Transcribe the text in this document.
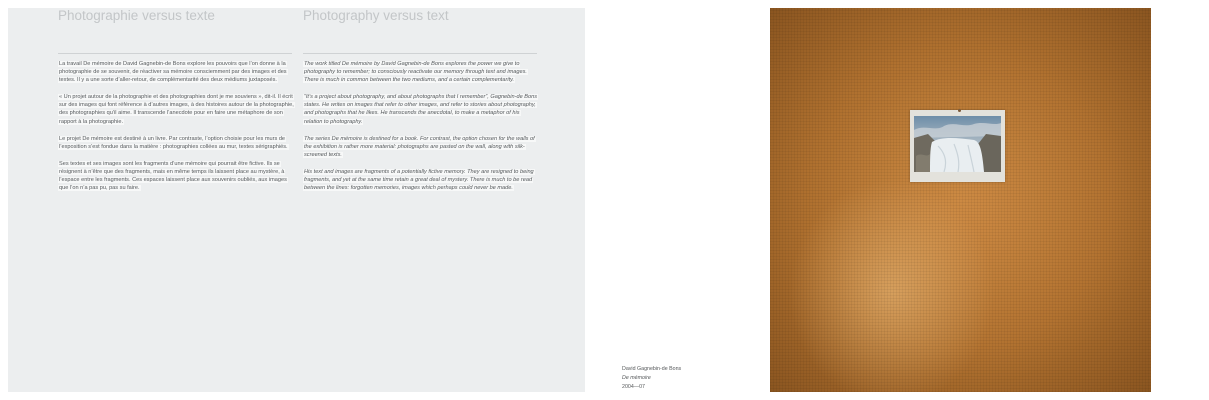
Photographie versus texte	Photography versus text

La travail De mémoire de David Gagnebin-de Bons explore les pouvoirs que l’on donne à la photographie de se souvenir, de réactiver sa mémoire consciemment par des images et des textes. Il y a une sorte d’aller-retour, de complémentarité des deux médiums juxtaposés.

« Un projet autour de la photographie et des photographies dont je me souviens », dit-il. Il écrit sur des images qui font référence à d’autres images, à des histoires autour de la photographie, des photographies qu’il aime. Il transcende l’anecdote pour en faire une métaphore de son rapport à la photographie.

Le projet De mémoire est destiné à un livre. Par contraste, l’option choisie pour les murs de l’exposition s’est fondue dans la matière : photographies collées au mur, textes sérigraphiés.

Ses textes et ses images sont les fragments d’une mémoire qui pourrait être fictive. Ils se résignent à n’être que des fragments, mais en même temps ils laissent place au mystère, à l’espace entre les fragments. Ces espaces laissent place aux souvenirs oubliés, aux images que l’on n’a pas pu, pas su faire.

The work titled De mémoire by David Gagnebin-de Bons explores the power we give to photography to remember; to consciously reactivate our memory through text and images. There is much in common between the two mediums, and a certain complementarity.

“It’s a project about photography, and about photographs that I remember”, Gagnebin-de Bons states. He writes on images that refer to other images, and refer to stories about photography, and photographs that he likes. He transcends the anecdotal, to make a metaphor of his relation to photography.

The series De mémoire is destined for a book. For contrast, the option chosen for the walls of the exhibition is rather more material: photographs are pasted on the wall, along with silk-screened texts.

His text and images are fragments of a potentially fictive memory. They are resigned to being fragments, and yet at the same time retain a great deal of mystery. There is much to be read between the lines: forgotten memories, images which perhaps could never be made.

David Gagnebin-de Bons
De mémoire
2004—07
